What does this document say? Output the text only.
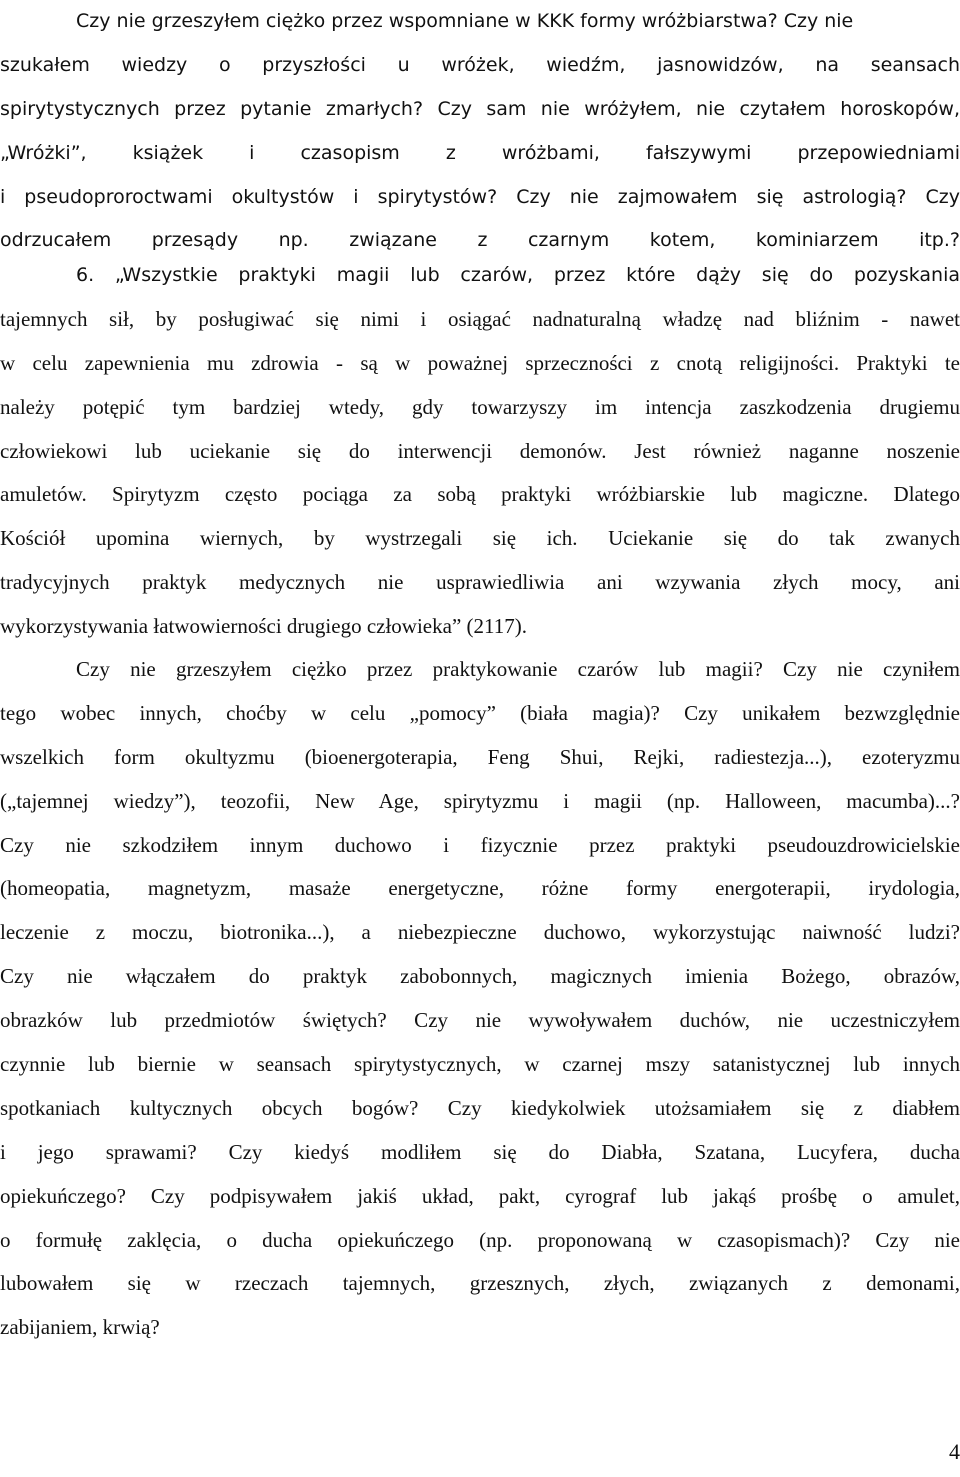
Czy nie grzeszyłem ciężko przez wspomniane w KKK formy wróżbiarstwa? Czy nie
szukałem wiedzy o przyszłości u wróżek, wiedźm, jasnowidzów, na seansach
spirytystycznych przez pytanie zmarłych? Czy sam nie wróżyłem, nie czytałem horoskopów,
„Wróżki”, książek i czasopism z wróżbami, fałszywymi przepowiedniami
i pseudoproroctwami okultystów i spirytystów? Czy nie zajmowałem się astrologią? Czy
odrzucałem przesądy np. związane z czarnym kotem, kominiarzem itp.?
6. „Wszystkie praktyki magii lub czarów, przez które dąży się do pozyskania
tajemnych sił, by posługiwać się nimi i osiągać nadnaturalną władzę nad bliźnim - nawet
w celu zapewnienia mu zdrowia - są w poważnej sprzeczności z cnotą religijności. Praktyki te
należy potępić tym bardziej wtedy, gdy towarzyszy im intencja zaszkodzenia drugiemu
człowiekowi lub uciekanie się do interwencji demonów. Jest również naganne noszenie
amuletów. Spirytyzm często pociąga za sobą praktyki wróżbiarskie lub magiczne. Dlatego
Kościół upomina wiernych, by wystrzegali się ich. Uciekanie się do tak zwanych
tradycyjnych praktyk medycznych nie usprawiedliwia ani wzywania złych mocy, ani
wykorzystywania łatwowierności drugiego człowieka” (2117).
Czy nie grzeszyłem ciężko przez praktykowanie czarów lub magii? Czy nie czyniłem
tego wobec innych, choćby w celu „pomocy” (biała magia)? Czy unikałem bezwzględnie
wszelkich form okultyzmu (bioenergoterapia, Feng Shui, Rejki, radiestezja...), ezoteryzmu
(„tajemnej wiedzy”), teozofii, New Age, spirytyzmu i magii (np. Halloween, macumba)...?
Czy nie szkodziłem innym duchowo i fizycznie przez praktyki pseudouzdrowicielskie
(homeopatia, magnetyzm, masaże energetyczne, różne formy energoterapii, irydologia,
leczenie z moczu, biotronika...), a niebezpieczne duchowo, wykorzystując naiwność ludzi?
Czy nie włączałem do praktyk zabobonnych, magicznych imienia Bożego, obrazów,
obrazków lub przedmiotów świętych? Czy nie wywoływałem duchów, nie uczestniczyłem
czynnie lub biernie w seansach spirytystycznych, w czarnej mszy satanistycznej lub innych
spotkaniach kultycznych obcych bogów? Czy kiedykolwiek utożsamiałem się z diabłem
i jego sprawami? Czy kiedyś modliłem się do Diabła, Szatana, Lucyfera, ducha
opiekuńczego? Czy podpisywałem jakiś układ, pakt, cyrograf lub jakąś prośbę o amulet,
o formułę zaklęcia, o ducha opiekuńczego (np. proponowaną w czasopismach)? Czy nie
lubowałem się w rzeczach tajemnych, grzesznych, złych, związanych z demonami,
zabijaniem, krwią?
4
